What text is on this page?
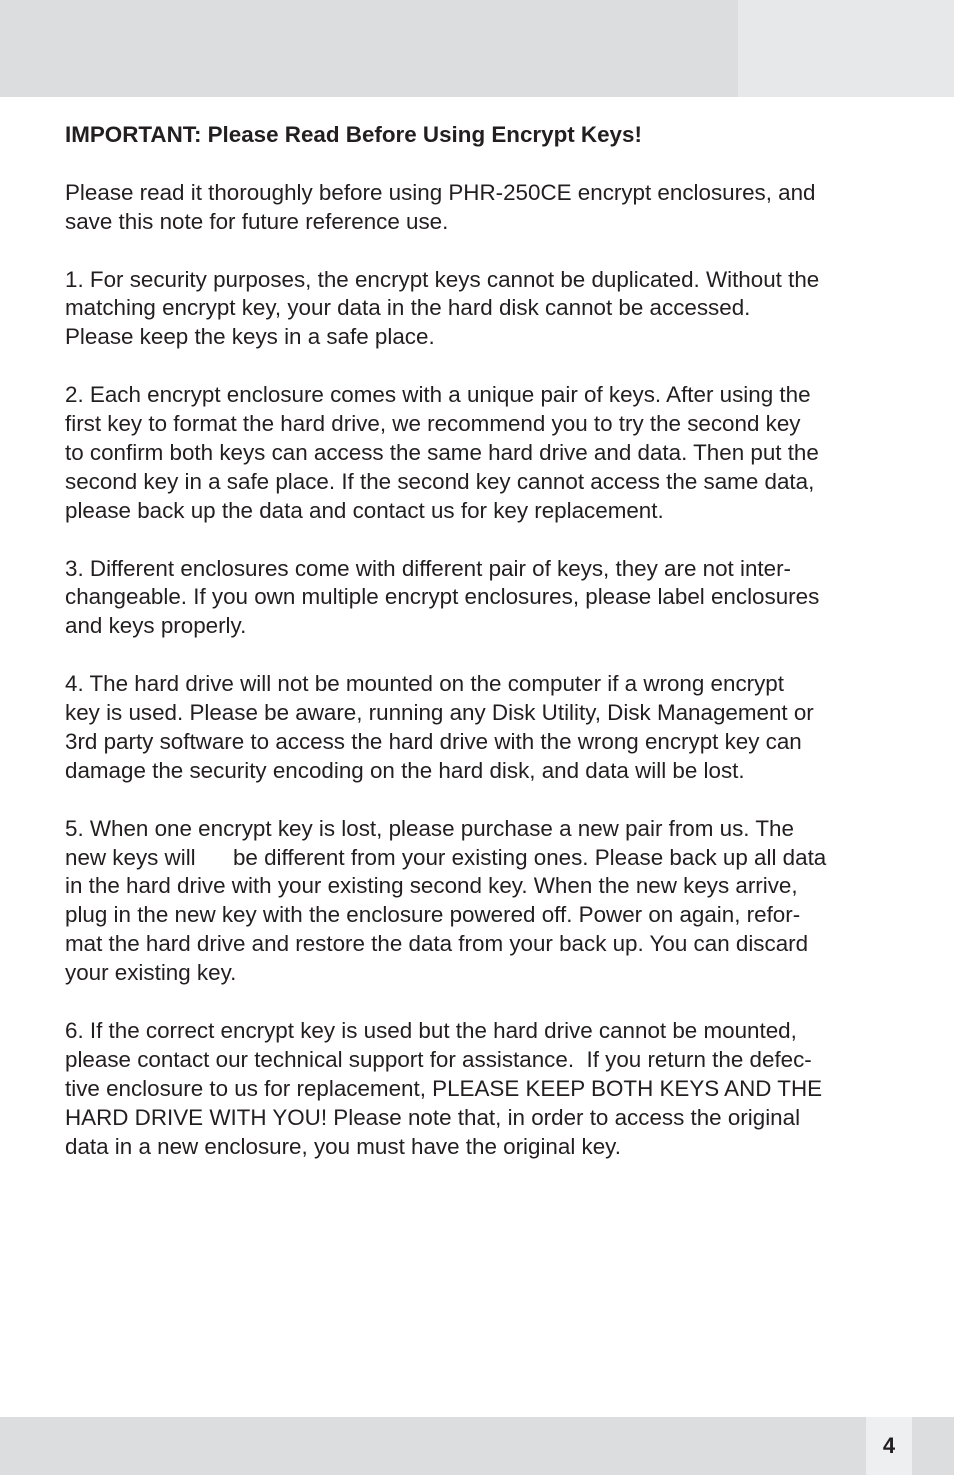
IMPORTANT: Please Read Before Using Encrypt Keys!

Please read it thoroughly before using PHR-250CE encrypt enclosures, and
save this note for future reference use.

1. For security purposes, the encrypt keys cannot be duplicated. Without the
matching encrypt key, your data in the hard disk cannot be accessed.
Please keep the keys in a safe place.

2. Each encrypt enclosure comes with a unique pair of keys. After using the
first key to format the hard drive, we recommend you to try the second key
to confirm both keys can access the same hard drive and data. Then put the
second key in a safe place. If the second key cannot access the same data,
please back up the data and contact us for key replacement.

3. Different enclosures come with different pair of keys, they are not inter-
changeable. If you own multiple encrypt enclosures, please label enclosures
and keys properly.

4. The hard drive will not be mounted on the computer if a wrong encrypt
key is used. Please be aware, running any Disk Utility, Disk Management or
3rd party software to access the hard drive with the wrong encrypt key can
damage the security encoding on the hard disk, and data will be lost.

5. When one encrypt key is lost, please purchase a new pair from us. The
new keys will      be different from your existing ones. Please back up all data
in the hard drive with your existing second key. When the new keys arrive,
plug in the new key with the enclosure powered off. Power on again, refor-
mat the hard drive and restore the data from your back up. You can discard
your existing key.

6. If the correct encrypt key is used but the hard drive cannot be mounted,
please contact our technical support for assistance.  If you return the defec-
tive enclosure to us for replacement, PLEASE KEEP BOTH KEYS AND THE
HARD DRIVE WITH YOU! Please note that, in order to access the original
data in a new enclosure, you must have the original key.

4
